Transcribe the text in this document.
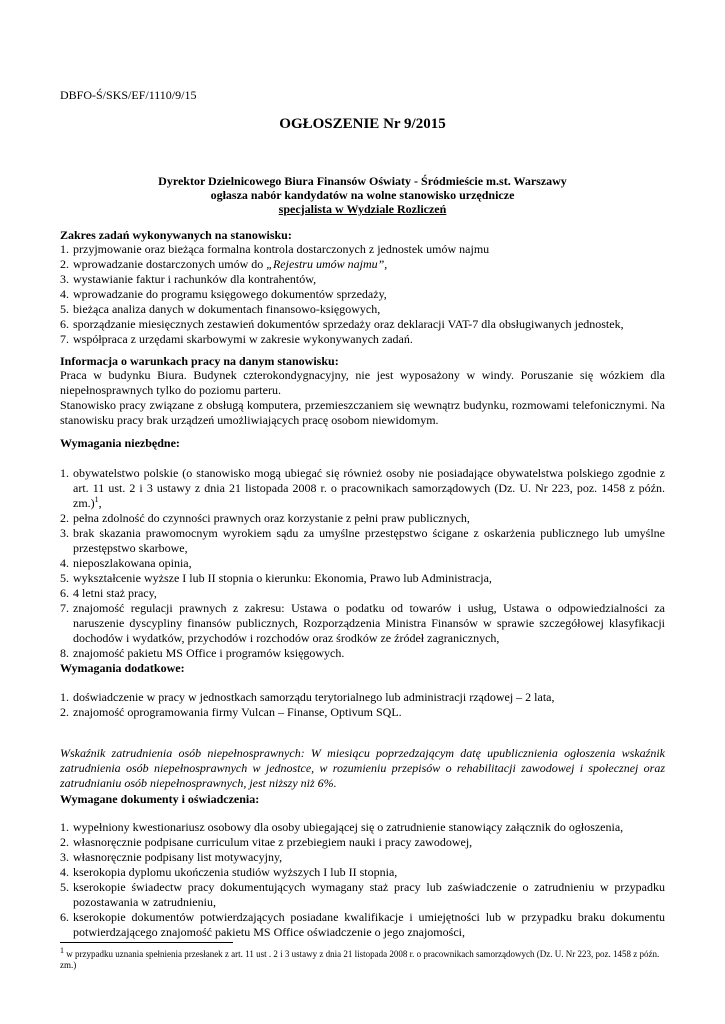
DBFO-Ś/SKS/EF/1110/9/15
OGŁOSZENIE Nr 9/2015
Dyrektor Dzielnicowego Biura Finansów Oświaty - Śródmieście m.st. Warszawy
ogłasza nabór kandydatów na wolne stanowisko urzędnicze
specjalista w Wydziale Rozliczeń
Zakres zadań wykonywanych na stanowisku:
1. przyjmowanie oraz bieżąca formalna kontrola dostarczonych z jednostek umów najmu
2. wprowadzanie dostarczonych umów do „Rejestru umów najmu”,
3. wystawianie faktur i rachunków dla kontrahentów,
4. wprowadzanie do programu księgowego dokumentów sprzedaży,
5. bieżąca analiza danych w dokumentach finansowo-księgowych,
6. sporządzanie miesięcznych zestawień dokumentów sprzedaży oraz deklaracji VAT-7 dla obsługiwanych jednostek,
7. współpraca z urzędami skarbowymi w zakresie wykonywanych zadań.
Informacja o warunkach pracy na danym stanowisku:
Praca w budynku Biura. Budynek czterokondygnacyjny, nie jest wyposażony w windy. Poruszanie się wózkiem dla niepełnosprawnych tylko do poziomu parteru.
Stanowisko pracy związane z obsługą komputera, przemieszczaniem się wewnątrz budynku, rozmowami telefonicznymi. Na stanowisku pracy brak urządzeń umożliwiających pracę osobom niewidomym.
Wymagania niezbędne:
1. obywatelstwo polskie (o stanowisko mogą ubiegać się również osoby nie posiadające obywatelstwa polskiego zgodnie z art. 11 ust. 2 i 3 ustawy z dnia 21 listopada 2008 r. o pracownikach samorządowych (Dz. U. Nr 223, poz. 1458 z późn. zm.)$^1$,
2. pełna zdolność do czynności prawnych oraz korzystanie z pełni praw publicznych,
3. brak skazania prawomocnym wyrokiem sądu za umyślne przestępstwo ścigane z oskarżenia publicznego lub umyślne przestępstwo skarbowe,
4. nieposzlakowana opinia,
5. wykształcenie wyższe I lub II stopnia o kierunku: Ekonomia, Prawo lub Administracja,
6. 4 letni staż pracy,
7. znajomość regulacji prawnych z zakresu: Ustawa o podatku od towarów i usług, Ustawa o odpowiedzialności za naruszenie dyscypliny finansów publicznych, Rozporządzenia Ministra Finansów w sprawie szczegółowej klasyfikacji dochodów i wydatków, przychodów i rozchodów oraz środków ze źródeł zagranicznych,
8. znajomość pakietu MS Office i programów księgowych.
Wymagania dodatkowe:
1. doświadczenie w pracy w jednostkach samorządu terytorialnego lub administracji rządowej – 2 lata,
2. znajomość oprogramowania firmy Vulcan – Finanse, Optivum SQL.
Wskaźnik zatrudnienia osób niepełnosprawnych: W miesiącu poprzedzającym datę upublicznienia ogłoszenia wskaźnik zatrudnienia osób niepełnosprawnych w jednostce, w rozumieniu przepisów o rehabilitacji zawodowej i społecznej oraz zatrudnianiu osób niepełnosprawnych, jest niższy niż 6%.
Wymagane dokumenty i oświadczenia:
1. wypełniony kwestionariusz osobowy dla osoby ubiegającej się o zatrudnienie stanowiący załącznik do ogłoszenia,
2. własnoręcznie podpisane curriculum vitae z przebiegiem nauki i pracy zawodowej,
3. własnoręcznie podpisany list motywacyjny,
4. kserokopia dyplomu ukończenia studiów wyższych I lub II stopnia,
5. kserokopie świadectw pracy dokumentujących wymagany staż pracy lub zaświadczenie o zatrudnieniu w przypadku pozostawania w zatrudnieniu,
6. kserokopie dokumentów potwierdzających posiadane kwalifikacje i umiejętności lub w przypadku braku dokumentu potwierdzającego znajomość pakietu MS Office oświadczenie o jego znajomości,
$^1$ w przypadku uznania spełnienia przesłanek z art. 11 ust . 2 i 3 ustawy z dnia 21 listopada 2008 r. o pracownikach samorządowych (Dz. U. Nr 223, poz. 1458 z późn. zm.)
